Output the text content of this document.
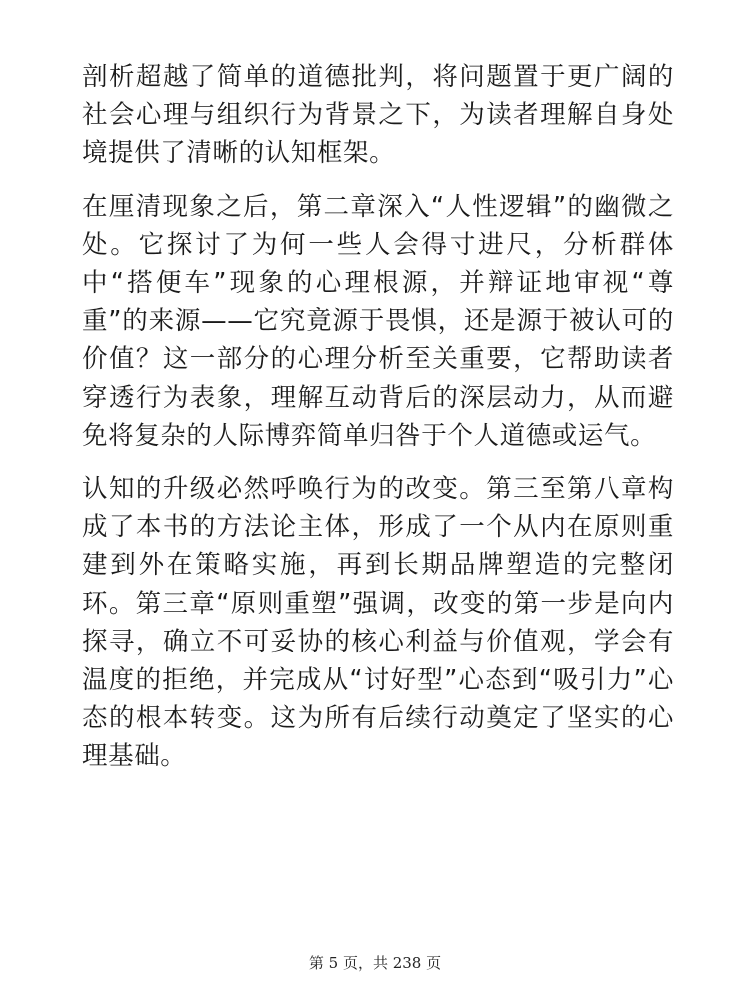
剖析超越了简单的道德批判，将问题置于更广阔的社会心理与组织行为背景之下，为读者理解自身处境提供了清晰的认知框架。

在厘清现象之后，第二章深入“人性逻辑”的幽微之处。它探讨了为何一些人会得寸进尺，分析群体中“搭便车”现象的心理根源，并辩证地审视“尊重”的来源——它究竟源于畏惧，还是源于被认可的价值？这一部分的心理分析至关重要，它帮助读者穿透行为表象，理解互动背后的深层动力，从而避免将复杂的人际博弈简单归咎于个人道德或运气。

认知的升级必然呼唤行为的改变。第三至第八章构成了本书的方法论主体，形成了一个从内在原则重建到外在策略实施，再到长期品牌塑造的完整闭环。第三章“原则重塑”强调，改变的第一步是向内探寻，确立不可妥协的核心利益与价值观，学会有温度的拒绝，并完成从“讨好型”心态到“吸引力”心态的根本转变。这为所有后续行动奠定了坚实的心理基础。

第 5 页，共 238 页
